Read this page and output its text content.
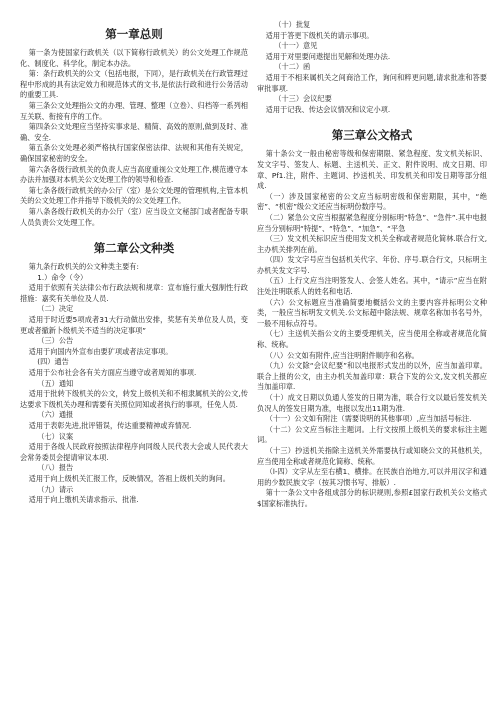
第一章总则

第一条为使国家行政机关（以下简称行政机关）的公文处理工作规范化、制度化、科学化，制定本办法。

第：条行政机关的公文（包括电报，下同），是行政机关在行政管理过程中形成的具有法定效力和规范体式的文书,是依法行政和进行公务活动的重要工具.

第三条公文处理指公文的办理、管理、整理（立卷）、归档等一系列相互关联、衔接有序的工作。

第四条公文处理应当坚持实事求是、精简、高效的原则,做到及时、准确、安全.

第五条公文处理必须严格执行国家保密法律、法规和其他有关规定，确保国家秘密的安全。

第六条各级行政机关的负责人应当高度重视公文处理工作,模范遵守本办法并加强对本机关公文处理工作的领导和检查.

第七条各级行政机关的办公厅（室）是公文处理的管理机构,主管本机关的公文处理工作并指导下级机关的公文处理工作。

第八条各级行政机关的办公厅（室）应当设立文秘部门或者配备专职人员负责公文处理工作。

第二章公文种类

第九条行政机关的公文种类主要有:

1.）命令（令）

适用于依照有关法律公布行政法规和规章：宣布施行重大强制性行政措施：嘉奖有关单位及人员.

（二）决定

适用于时近要5项成者31大行动做出安排，奖惩有关单位及人员，变更或者撤新卜级机关不适当的决定事项”

（三）公告

适用于向国内外宣布由要犷项或者法定事项。

(四）通告

适用于公布社会各有关方面应当遵守或者周知的事项.

（五）通知

适用于批转下级机关的公文，转发上级机关和不相隶属机关的公文,传达要求下级机关办理和需要有关照位同知或者执行的事项，任免人员.

（六）通报

适用于表彰先进,批评错误，传达重要精神或弃情况.

（七）议案

适用于各级人民政府按照法律程序向同级人民代表大会或人民代表大会常务委员会提请审议本项.

（八）报告

适用于向上级机关汇报工作，反映情况，答祖上级机关的询问。

（九）请示

适用于向上缴机关请求指示、批准.

（十）批复

适用于答更下级机关的请示事项。

（十一）意见

适用于对里要问遨提出见解和处理办法.

（十二）函

适用于不相来属机关之间商洽工作，询问和粹更问题,请求批准和答要审批事项.

（十三）会议纪要

适用于记我、传达会议情况和议定小项.

第三章公文格式

第十条公文一般由秘密等级和保密期限、紧急程度、发文机关标识、发文字号、签发人、标题、主送机关、正文、附件说明、成文日期、印章、Pf1.注，附件、主题词、抄送机关、印发机关和印发日期等部分组成.

（一）涉及国家秘密的公文应当标明密级和保密期限，其中，“绝密”、“机密”级公文还应当标明份数序号。

（二）紧急公文应当根据紧急程度分别标明“特急”、“急件”.其中电报应当分别标明“特提”、“特急”、“加急”、“平急

（三）发文机关标识应当使用发文机关全称或者规范化简林.联合行文,主办机关排列在前。

（四）发文字号应当包括机关代字、年份、序号.联合行文，只标明主办机关发文字号.

（五）上行文应当注明签发人、会签人姓名。其中，“请示”应当在附注处注明联系人的姓名和电话.

（六）公文标题应当准确简要地概括公文的主要内容并标明公文种类，一般应当标明发文机关.公文标超中除法规、规章名称加书名号外，一般不用标点符号。

（七）主送机关指公文的主要受理机关，应当使用全称或者规范化简称、统称。

（八）公文如有附件,应当注明附件顺序和名称。

（九）公文除“会议纪要”和以电报形式发出的以外，应当加盖印章。联合上报的公文，由主办机关加盖印章：联合下发的公文,发文机关都应当加盖印章.

（十）成文日期以负通人签发的日期为准，联合行文以最后签发机关负况人的签发日期为准，电报以发出11期为准.

（十一）公文如有附注（需要说明的其他事项）,应当加括号标注.

（十二）公文应当标注主题词。上行文按照上级机关的要求标注主题词。

（十三）抄送机关指除主送机关外需要执行或知晓公文的其他机关，应当使用全称或者规范化简称、统称。

（l-四）文字从左至右横1、横排。在民族自治地方,可以并用汉字和通用的少数民族文字（按其习惯书写、排版）.

第十一条公文中各组成部分的标识规则,参照£国家行政机关公文格式$国家标准执行。
